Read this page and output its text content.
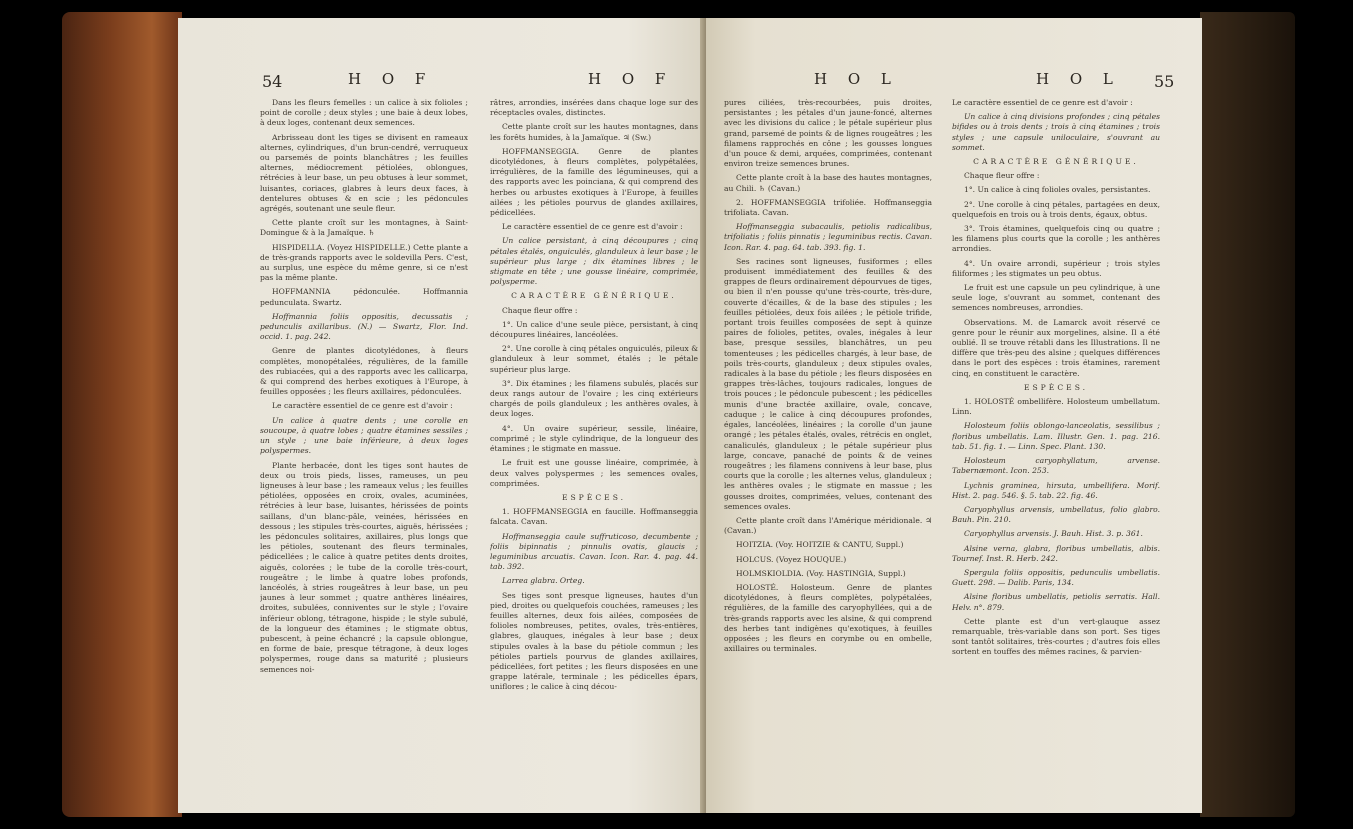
54	H O F	H O F

Dans les fleurs femelles : un calice à six folioles ; point de corolle ; deux styles ; une baie à deux lobes, à deux loges, contenant deux semences.

Arbrisseau dont les tiges se divisent en rameaux alternes, cylindriques, d'un brun-cendré, verruqueux ou parsemés de points blanchâtres ; les feuilles alternes, médiocrement pétiolées, oblongues, rétrécies à leur base, un peu obtuses à leur sommet, luisantes, coriaces, glabres à leurs deux faces, à dentelures obtuses & en scie ; les pédoncules agrégés, soutenant une seule fleur.

Cette plante croît sur les montagnes, à Saint-Domingue & à la Jamaïque. ♄

HISPIDELLA. (Voyez HISPIDELLE.) Cette plante a de très-grands rapports avec le soldevilla Pers. C'est, au surplus, une espèce du même genre, si ce n'est pas la même plante.

HOFFMANNIA pédonculée. Hoffmannia pedunculata. Swartz.

Hoffmannia foliis oppositis, decussatis ; pedunculis axillaribus. (N.) — Swartz, Flor. Ind. occid. 1. pag. 242.

Genre de plantes dicotylédones, à fleurs complètes, monopétalées, régulières, de la famille des rubiacées, qui a des rapports avec les callicarpa, & qui comprend des herbes exotiques à l'Europe, à feuilles opposées ; les fleurs axillaires, pédonculées.

Le caractère essentiel de ce genre est d'avoir :

Un calice à quatre dents ; une corolle en soucoupe, à quatre lobes ; quatre étamines sessiles ; un style ; une baie inférieure, à deux loges polyspermes.

Plante herbacée, dont les tiges sont hautes de deux ou trois pieds, lisses, rameuses, un peu ligneuses à leur base ; les rameaux velus ; les feuilles pétiolées, opposées en croix, ovales, acuminées, rétrécies à leur base, luisantes, hérissées de points saillans, d'un blanc-pâle, veinées, hérissées en dessous ; les stipules très-courtes, aiguës, hérissées ; les pédoncules solitaires, axillaires, plus longs que les pétioles, soutenant des fleurs terminales, pédicellées ; le calice à quatre petites dents droites, aiguës, colorées ; le tube de la corolle très-court, rougeâtre ; le limbe à quatre lobes profonds, lancéolés, à stries rougeâtres à leur base, un peu jaunes à leur sommet ; quatre anthères linéaires, droites, subulées, conniventes sur le style ; l'ovaire inférieur oblong, tétragone, hispide ; le style subulé, de la longueur des étamines ; le stigmate obtus, pubescent, à peine échancré ; la capsule oblongue, en forme de baie, presque tétragone, à deux loges polyspermes, rouge dans sa maturité ; plusieurs semences noi-

râtres, arrondies, insérées dans chaque loge sur des réceptacles ovales, distinctes.

Cette plante croît sur les hautes montagnes, dans les forêts humides, à la Jamaïque. ♃ (Sw.)

HOFFMANSEGGIA. Genre de plantes dicotylédones, à fleurs complètes, polypétalées, irrégulières, de la famille des légumineuses, qui a des rapports avec les poinciana, & qui comprend des herbes ou arbustes exotiques à l'Europe, à feuilles ailées ; les pétioles pourvus de glandes axillaires, pédicellées.

Le caractère essentiel de ce genre est d'avoir :

Un calice persistant, à cinq découpures ; cinq pétales étalés, onguiculés, glanduleux à leur base ; le supérieur plus large ; dix étamines libres ; le stigmate en tête ; une gousse linéaire, comprimée, polysperme.

CARACTÈRE GÉNÉRIQUE.

Chaque fleur offre :

1°. Un calice d'une seule pièce, persistant, à cinq découpures linéaires, lancéolées.

2°. Une corolle à cinq pétales onguiculés, pileux & glanduleux à leur sommet, étalés ; le pétale supérieur plus large.

3°. Dix étamines ; les filamens subulés, placés sur deux rangs autour de l'ovaire ; les cinq extérieurs chargés de poils glanduleux ; les anthères ovales, à deux loges.

4°. Un ovaire supérieur, sessile, linéaire, comprimé ; le style cylindrique, de la longueur des étamines ; le stigmate en massue.

Le fruit est une gousse linéaire, comprimée, à deux valves polyspermes ; les semences ovales, comprimées.

ESPÈCES.

1. HOFFMANSEGGIA en faucille. Hoffmanseggia falcata. Cavan.

Hoffmanseggia caule suffruticoso, decumbente ; foliis bipinnatis ; pinnulis ovatis, glaucis ; leguminibus arcuatis. Cavan. Icon. Rar. 4. pag. 44. tab. 392.

Larrea glabra. Orteg.

Ses tiges sont presque ligneuses, hautes d'un pied, droites ou quelquefois couchées, rameuses ; les feuilles alternes, deux fois ailées, composées de folioles nombreuses, petites, ovales, très-entières, glabres, glauques, inégales à leur base ; deux stipules ovales à la base du pétiole commun ; les pétioles partiels pourvus de glandes axillaires, pédicellées, fort petites ; les fleurs disposées en une grappe latérale, terminale ; les pédicelles épars, uniflores ; le calice à cinq décou-

H O L	H O L 55

pures ciliées, très-recourbées, puis droites, persistantes ; les pétales d'un jaune-foncé, alternes avec les divisions du calice ; le pétale supérieur plus grand, parsemé de points & de lignes rougeâtres ; les filamens rapprochés en cône ; les gousses longues d'un pouce & demi, arquées, comprimées, contenant environ treize semences brunes.

Cette plante croît à la base des hautes montagnes, au Chili. ♄ (Cavan.)

2. HOFFMANSEGGIA trifoliée. Hoffmanseggia trifoliata. Cavan.

Hoffmanseggia subacaulis, petiolis radicalibus, trifoliatis ; foliis pinnatis ; leguminibus rectis. Cavan. Icon. Rar. 4. pag. 64. tab. 393. fig. 1.

Ses racines sont ligneuses, fusiformes ; elles produisent immédiatement des feuilles & des grappes de fleurs ordinairement dépourvues de tiges, ou bien il n'en pousse qu'une très-courte, très-dure, couverte d'écailles, & de la base des stipules ; les feuilles pétiolées, deux fois ailées ; le pétiole trifide, portant trois feuilles composées de sept à quinze paires de folioles, petites, ovales, inégales à leur base, presque sessiles, blanchâtres, un peu tomenteuses ; les pédicelles chargés, à leur base, de poils très-courts, glanduleux ; deux stipules ovales, radicales à la base du pétiole ; les fleurs disposées en grappes très-lâches, toujours radicales, longues de trois pouces ; le pédoncule pubescent ; les pédicelles munis d'une bractée axillaire, ovale, concave, caduque ; le calice à cinq découpures profondes, égales, lancéolées, linéaires ; la corolle d'un jaune orangé ; les pétales étalés, ovales, rétrécis en onglet, canaliculés, glanduleux ; le pétale supérieur plus large, concave, panaché de points & de veines rougeâtres ; les filamens connivens à leur base, plus courts que la corolle ; les alternes velus, glanduleux ; les anthères ovales ; le stigmate en massue ; les gousses droites, comprimées, velues, contenant des semences ovales.

Cette plante croît dans l'Amérique méridionale. ♃ (Cavan.)

HOITZIA. (Voy. HOITZIE & CANTU, Suppl.)

HOLCUS. (Voyez HOUQUE.)

HOLMSKIOLDIA. (Voy. HASTINGIA, Suppl.)

HOLOSTÉ. Holosteum. Genre de plantes dicotylédones, à fleurs complètes, polypétalées, régulières, de la famille des caryophyllées, qui a de très-grands rapports avec les alsine, & qui comprend des herbes tant indigènes qu'exotiques, à feuilles opposées ; les fleurs en corymbe ou en ombelle, axillaires ou terminales.

Le caractère essentiel de ce genre est d'avoir :

Un calice à cinq divisions profondes ; cinq pétales bifides ou à trois dents ; trois à cinq étamines ; trois styles ; une capsule uniloculaire, s'ouvrant au sommet.

CARACTÈRE GÉNÉRIQUE.

Chaque fleur offre :

1°. Un calice à cinq folioles ovales, persistantes.

2°. Une corolle à cinq pétales, partagées en deux, quelquefois en trois ou à trois dents, égaux, obtus.

3°. Trois étamines, quelquefois cinq ou quatre ; les filamens plus courts que la corolle ; les anthères arrondies.

4°. Un ovaire arrondi, supérieur ; trois styles filiformes ; les stigmates un peu obtus.

Le fruit est une capsule un peu cylindrique, à une seule loge, s'ouvrant au sommet, contenant des semences nombreuses, arrondies.

Observations. M. de Lamarck avoit réservé ce genre pour le réunir aux morgelines, alsine. Il a été oublié. Il se trouve rétabli dans les Illustrations. Il ne diffère que très-peu des alsine ; quelques différences dans le port des espèces : trois étamines, rarement cinq, en constituent le caractère.

ESPÈCES.

1. HOLOSTÉ ombellifère. Holosteum umbellatum. Linn.

Holosteum foliis oblongo-lanceolatis, sessilibus ; floribus umbellatis. Lam. Illustr. Gen. 1. pag. 216. tab. 51. fig. 1. — Linn. Spec. Plant. 130.

Holosteum caryophyllatum, arvense. Tabernæmont. Icon. 253.

Lychnis graminea, hirsuta, umbellifera. Morif. Hist. 2. pag. 546. §. 5. tab. 22. fig. 46.

Caryophyllus arvensis, umbellatus, folio glabro. Bauh. Pin. 210.

Caryophyllus arvensis. J. Bauh. Hist. 3. p. 361.

Alsine verna, glabra, floribus umbellatis, albis. Tournef. Inst. R. Herb. 242.

Spergula foliis oppositis, pedunculis umbellatis. Guett. 298. — Dalib. Paris, 134.

Alsine floribus umbellatis, petiolis serratis. Hall. Helv. n°. 879.

Cette plante est d'un vert-glauque assez remarquable, très-variable dans son port. Ses tiges sont tantôt solitaires, très-courtes ; d'autres fois elles sortent en touffes des mêmes racines, & parvien-
